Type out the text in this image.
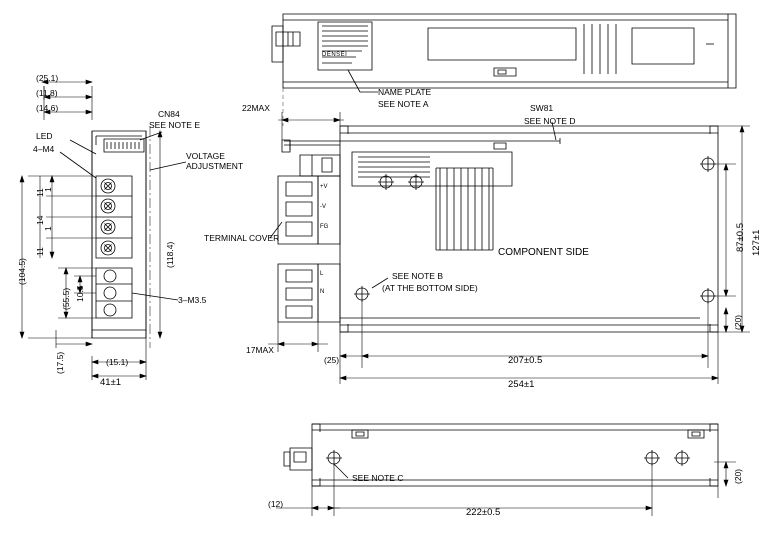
(25.1)
(11.8)
(14.6)
LED
4–M4
CN84
SEE NOTE E
VOLTAGE
ADJUSTMENT
(118.4)
(104.5)
1
11
14
1
11
(55.5) 10.5	3–M3.5
(17.5)	(15.1)
41±1
22MAX
TERMINAL COVER
17MAX
(25)
NAME PLATE
SEE NOTE A	SW81
SEE NOTE D
COMPONENT SIDE
SEE NOTE B
(AT THE BOTTOM SIDE)
207±0.5
254±1
87±0.5 127±1
(20)
SEE NOTE C
(12)
222±0.5
(20)
DENSEI
+V
-V
FG
L
N
